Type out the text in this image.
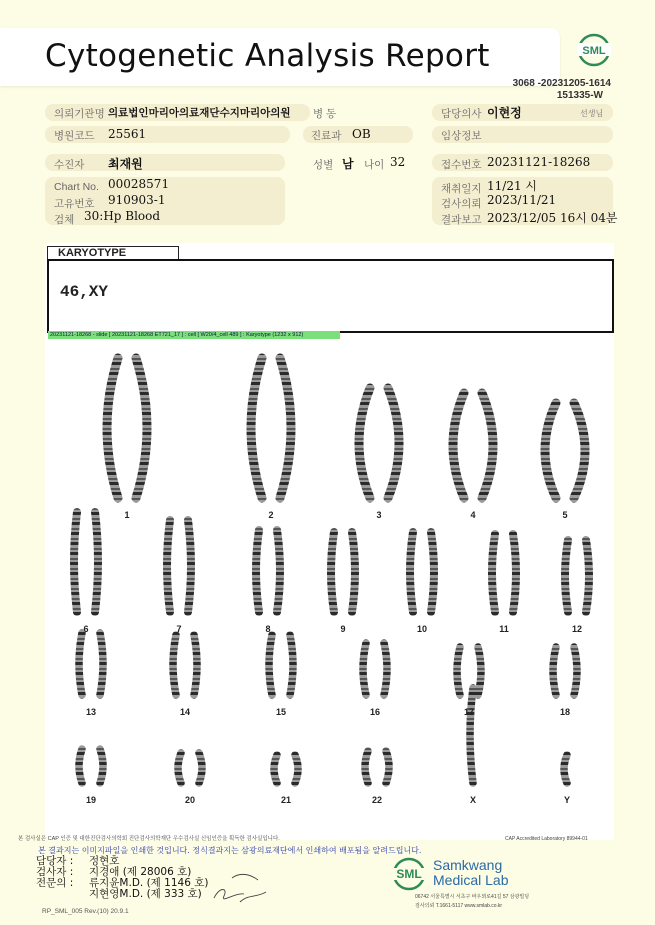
Cytogenetic Analysis Report	SML
3068 -20231205-1614
151335-W
의뢰기관명 의료법인마리아의료재단수지마리아의원 병 동	담당의사 이현정	선생님
병원코드 25561	진료과 OB	임상정보
수진자 최재원	성별 남 나이 32	접수번호 20231121-18268
Chart No. 00028571
고유번호 910903-1
검체 30:Hp Blood
채취일지 11/21 시
검사의뢰 2023/11/21
결과보고 2023/12/05 16시 04분
KARYOTYPE
46,XY
20231121-18268 - slide [ 20231121-18268 ET721_17 ] : cell [ W20/4_cell 489 ] : Karyotype (1232 x 912)
1	2	3	4	5
6	7	8	9	10	11	12
13	14	15	16	17	18
19	20	21	22	X	Y
본 검사실은 CAP 인증 및 대한진단검사의학회 진단검사의학재단 우수검사실 신임인증을 획득한 검사실입니다.	CAP Accredited Laboratory 89944-01
본 결과지는 이미지파일을 인쇄한 것입니다. 정식결과지는 삼광의료재단에서 인쇄하여 배포됨을 알려드립니다.
담당자 : 정현호
검사자 : 지경애 (제 28006 호)
전문의 : 류지윤M.D. (제 1146 호)
지현영M.D. (제 333 호)
RP_SML_005 Rev.(10) 20.9.1
SML
Samkwang
Medical Lab
06742 서울특별시 서초구 바우뫼로41길 57 삼광빌딩
검사의뢰 T.1661-5117 www.smlab.co.kr
